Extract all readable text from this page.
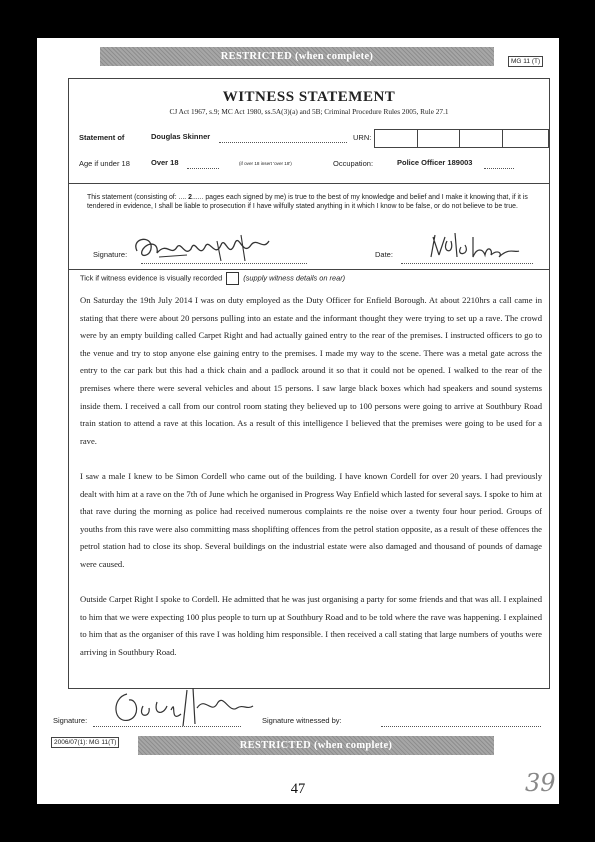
RESTRICTED (when complete)	MG 11 (T)
WITNESS STATEMENT
CJ Act 1967, s.9; MC Act 1980, ss.5A(3)(a) and 5B; Criminal Procedure Rules 2005, Rule 27.1
Statement of	Douglas Skinner	URN:
Age if under 18	Over 18	(if over 18 insert 'over 18')	Occupation:	Police Officer 189003
This statement (consisting of: .... 2...... pages each signed by me) is true to the best of my knowledge and belief and I make it knowing that, if it is tendered in evidence, I shall be liable to prosecution if I have wilfully stated anything in it which I know to be false, or do not believe to be true.
Signature:	Date:
Tick if witness evidence is visually recorded	(supply witness details on rear)

On Saturday the 19th July 2014 I was on duty employed as the Duty Officer for Enfield Borough. At about 2210hrs a call came in stating that there were about 20 persons pulling into an estate and the informant thought they were trying to set up a rave. The crowd were by an empty building called Carpet Right and had actually gained entry to the rear of the premises. I instructed officers to go to the venue and try to stop anyone else gaining entry to the premises. I made my way to the scene. There was a metal gate across the entry to the car park but this had a thick chain and a padlock around it so that it could not be opened. I walked to the rear of the premises where there were several vehicles and about 15 persons. I saw large black boxes which had speakers and sound systems inside them. I received a call from our control room stating they believed up to 100 persons were going to arrive at Southbury Road train station to attend a rave at this location. As a result of this intelligence I believed that the premises were going to be used for a rave.

I saw a male I knew to be Simon Cordell who came out of the building. I have known Cordell for over 20 years. I had previously dealt with him at a rave on the 7th of June which he organised in Progress Way Enfield which lasted for several says. I spoke to him at that rave during the morning as police had received numerous complaints re the noise over a twenty four hour period. Groups of youths from this rave were also committing mass shoplifting offences from the petrol station opposite, as a result of these offences the petrol station had to close its shop. Several buildings on the industrial estate were also damaged and thousand of pounds of damage were caused.

Outside Carpet Right I spoke to Cordell. He admitted that he was just organising a party for some friends and that was all. I explained to him that we were expecting 100 plus people to turn up at Southbury Road and to be told where the rave was happening. I explained to him that as the organiser of this rave I was holding him responsible. I then received a call stating that large numbers of youths were arriving in Southbury Road.

Signature:	Signature witnessed by:
2006/07(1): MG 11(T)	RESTRICTED (when complete)
47	39
